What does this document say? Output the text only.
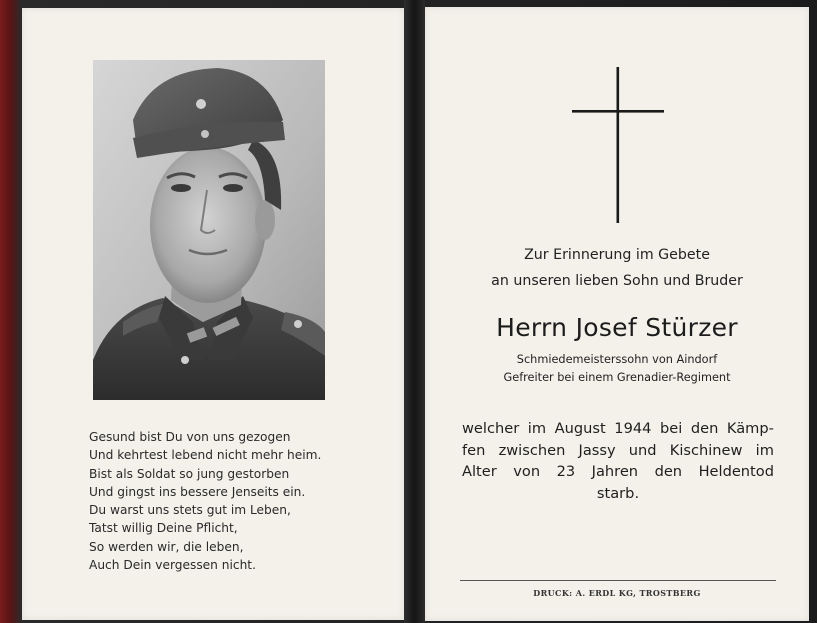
Gesund bist Du von uns gezogen
Und kehrtest lebend nicht mehr heim.
Bist als Soldat so jung gestorben
Und gingst ins bessere Jenseits ein.
Du warst uns stets gut im Leben,
Tatst willig Deine Pflicht,
So werden wir, die leben,
Auch Dein vergessen nicht.
Zur Erinnerung im Gebete
an unseren lieben Sohn und Bruder
Herrn Josef Stürzer
Schmiedemeisterssohn von Aindorf
Gefreiter bei einem Grenadier-Regiment
welcher im August 1944 bei den Kämp-
fen zwischen Jassy und Kischinew im
Alter von 23 Jahren den Heldentod
starb.
DRUCK: A. ERDL KG, TROSTBERG
